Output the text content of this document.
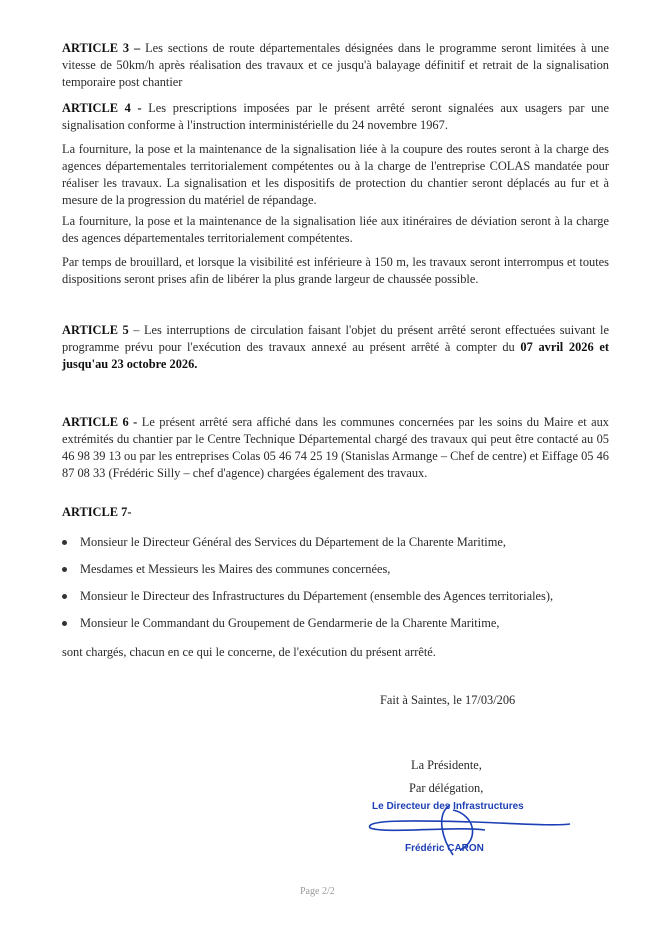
ARTICLE 3 – Les sections de route départementales désignées dans le programme seront limitées à une vitesse de 50km/h après réalisation des travaux et ce jusqu'à balayage définitif et retrait de la signalisation temporaire post chantier

ARTICLE 4 - Les prescriptions imposées par le présent arrêté seront signalées aux usagers par une signalisation conforme à l'instruction interministérielle du 24 novembre 1967.

La fourniture, la pose et la maintenance de la signalisation liée à la coupure des routes seront à la charge des agences départementales territorialement compétentes ou à la charge de l'entreprise COLAS mandatée pour réaliser les travaux. La signalisation et les dispositifs de protection du chantier seront déplacés au fur et à mesure de la progression du matériel de répandage.

La fourniture, la pose et la maintenance de la signalisation liée aux itinéraires de déviation seront à la charge des agences départementales territorialement compétentes.

Par temps de brouillard, et lorsque la visibilité est inférieure à 150 m, les travaux seront interrompus et toutes dispositions seront prises afin de libérer la plus grande largeur de chaussée possible.

ARTICLE 5 – Les interruptions de circulation faisant l'objet du présent arrêté seront effectuées suivant le programme prévu pour l'exécution des travaux annexé au présent arrêté à compter du 07 avril 2026 et jusqu'au 23 octobre 2026.

ARTICLE 6 - Le présent arrêté sera affiché dans les communes concernées par les soins du Maire et aux extrémités du chantier par le Centre Technique Départemental chargé des travaux qui peut être contacté au 05 46 98 39 13 ou par les entreprises Colas 05 46 74 25 19 (Stanislas Armange – Chef de centre) et Eiffage 05 46 87 08 33 (Frédéric Silly – chef d'agence) chargées également des travaux.

ARTICLE 7-

Monsieur le Directeur Général des Services du Département de la Charente Maritime,
Mesdames et Messieurs les Maires des communes concernées,
Monsieur le Directeur des Infrastructures du Département (ensemble des Agences territoriales),
Monsieur le Commandant du Groupement de Gendarmerie de la Charente Maritime,

sont chargés, chacun en ce qui le concerne, de l'exécution du présent arrêté.

Fait à Saintes, le 17/03/206
La Présidente,
Par délégation,
Le Directeur des Infrastructures
Frédéric CARON
Page 2/2
